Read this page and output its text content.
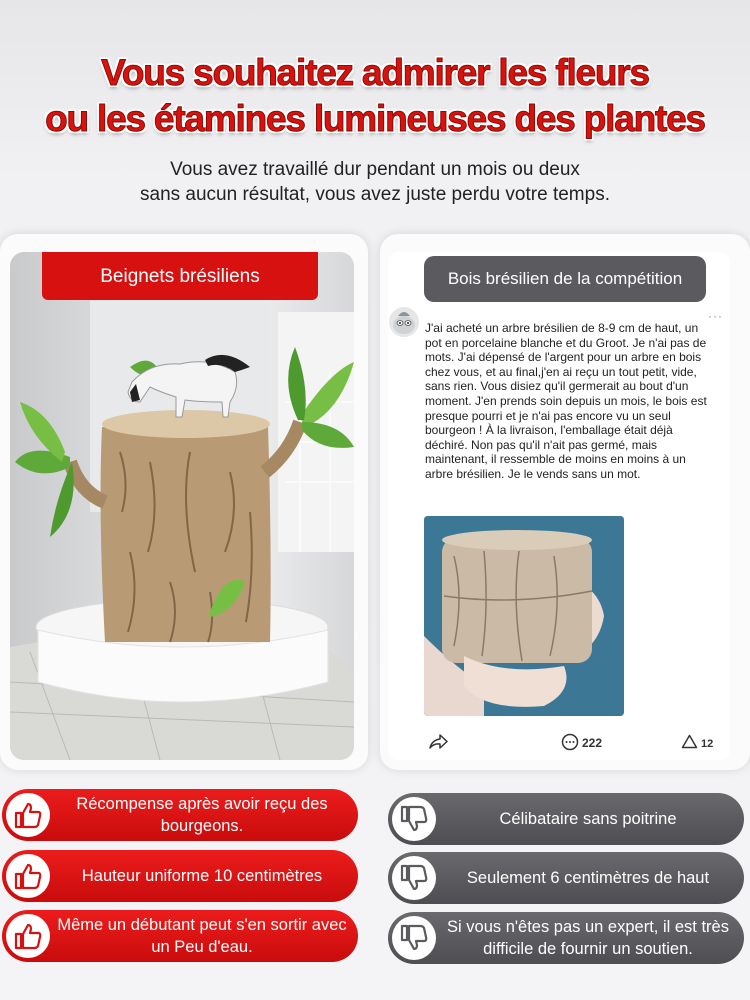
Vous souhaitez admirer les fleurs
ou les étamines lumineuses des plantes
Vous avez travaillé dur pendant un mois ou deux
sans aucun résultat, vous avez juste perdu votre temps.
Beignets brésiliens	Bois brésilien de la compétition
···
J'ai acheté un arbre brésilien de 8-9 cm de haut, un pot en porcelaine blanche et du Groot. Je n'ai pas de mots. J'ai dépensé de l'argent pour un arbre en bois chez vous, et au final,j'en ai reçu un tout petit, vide, sans rien. Vous disiez qu'il germerait au bout d'un moment. J'en prends soin depuis un mois, le bois est presque pourri et je n'ai pas encore vu un seul bourgeon ! À la livraison, l'emballage était déjà déchiré. Non pas qu'il n'ait pas germé, mais maintenant, il ressemble de moins en moins à un arbre brésilien. Je le vends sans un mot.
222	12
Récompense après avoir reçu des bourgeons.
Hauteur uniforme 10 centimètres
Même un débutant peut s'en sortir avec un Peu d'eau.
Célibataire sans poitrine
Seulement 6 centimètres de haut
Si vous n'êtes pas un expert, il est très difficile de fournir un soutien.
